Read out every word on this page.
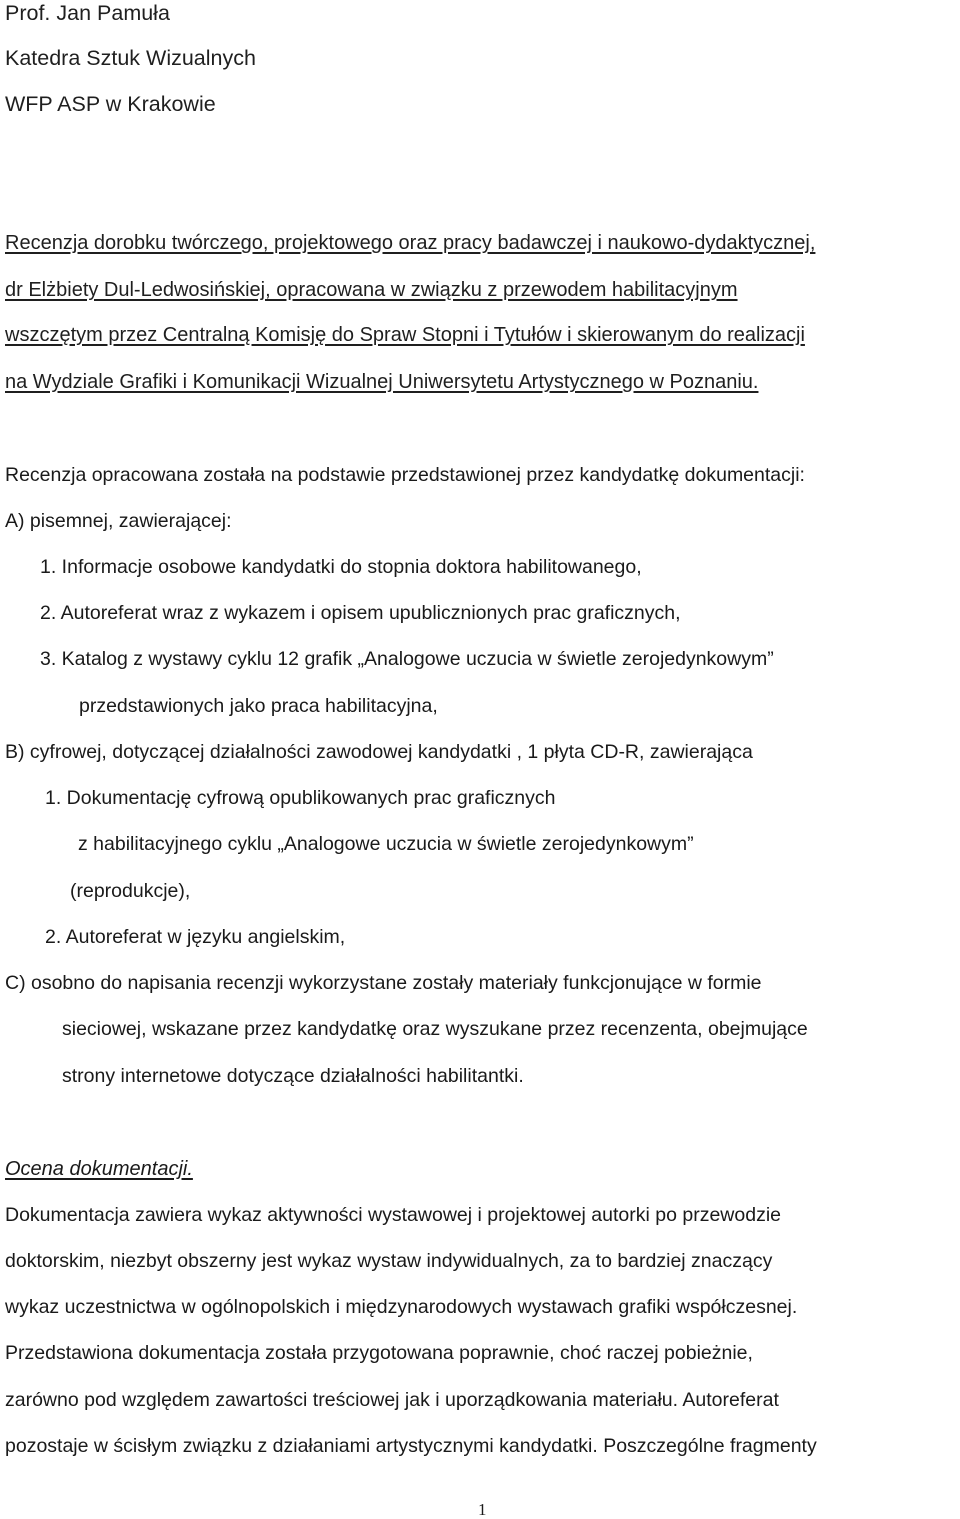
Prof. Jan Pamuła
Katedra Sztuk Wizualnych
WFP ASP w Krakowie
Recenzja dorobku twórczego, projektowego oraz pracy badawczej i naukowo-dydaktycznej,
dr Elżbiety Dul-Ledwosińskiej, opracowana w związku z przewodem habilitacyjnym
wszczętym przez Centralną Komisję do Spraw Stopni i Tytułów i skierowanym do realizacji
na Wydziale Grafiki i Komunikacji Wizualnej Uniwersytetu Artystycznego w Poznaniu.
Recenzja opracowana została na podstawie przedstawionej przez kandydatkę dokumentacji:
A) pisemnej, zawierającej:
1. Informacje osobowe kandydatki do stopnia doktora habilitowanego,
2. Autoreferat wraz z wykazem i opisem upublicznionych prac graficznych,
3. Katalog z wystawy cyklu 12 grafik „Analogowe uczucia w świetle zerojedynkowym”
przedstawionych jako praca habilitacyjna,
B) cyfrowej, dotyczącej działalności zawodowej kandydatki , 1 płyta CD-R, zawierająca
1. Dokumentację cyfrową opublikowanych prac graficznych
z habilitacyjnego cyklu „Analogowe uczucia w świetle zerojedynkowym”
(reprodukcje),
2. Autoreferat w języku angielskim,
C) osobno do napisania recenzji wykorzystane zostały materiały funkcjonujące w formie
sieciowej, wskazane przez kandydatkę oraz wyszukane przez recenzenta, obejmujące
strony internetowe dotyczące działalności habilitantki.
Ocena dokumentacji.
Dokumentacja zawiera wykaz aktywności wystawowej i projektowej autorki po przewodzie
doktorskim, niezbyt obszerny jest wykaz wystaw indywidualnych, za to bardziej znaczący
wykaz uczestnictwa w ogólnopolskich i międzynarodowych wystawach grafiki współczesnej.
Przedstawiona dokumentacja została przygotowana poprawnie, choć raczej pobieżnie,
zarówno pod względem zawartości treściowej jak i uporządkowania materiału. Autoreferat
pozostaje w ścisłym związku z działaniami artystycznymi kandydatki. Poszczególne fragmenty
1
